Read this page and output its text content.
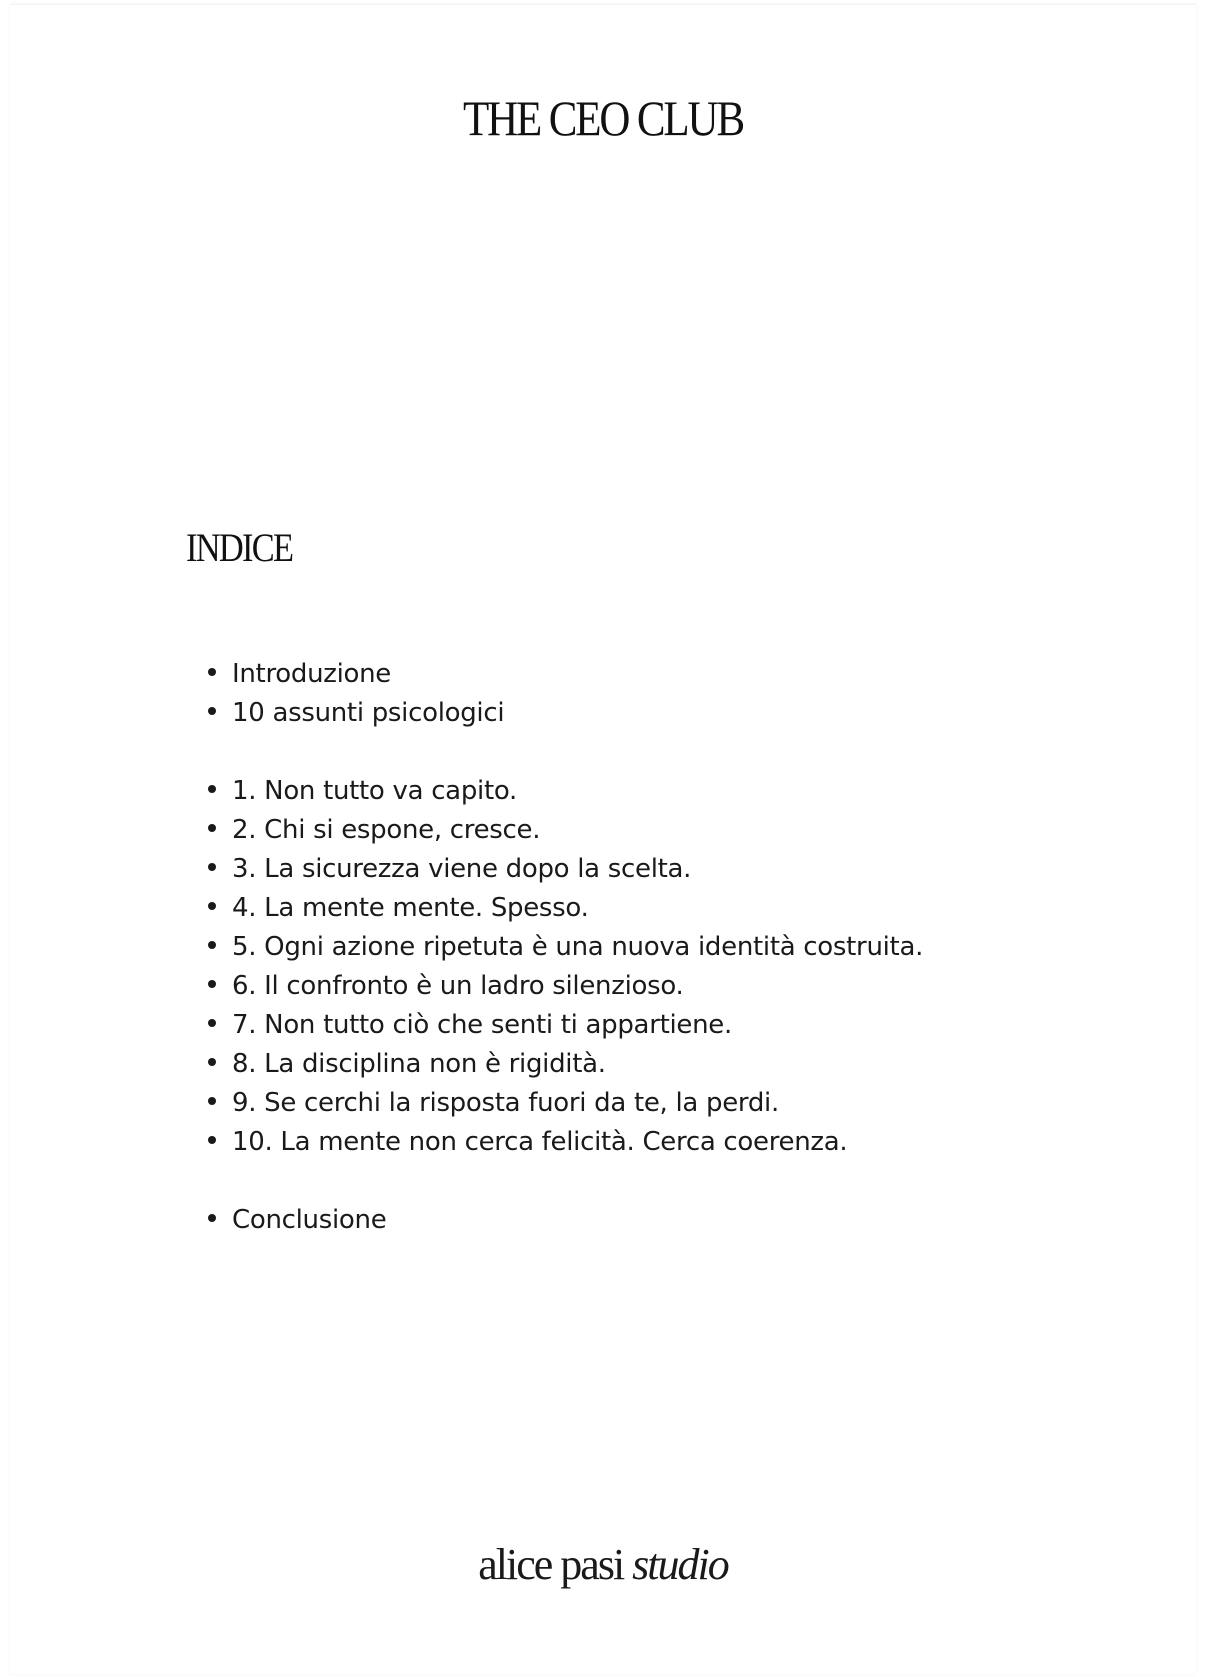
THE CEO CLUB
INDICE
Introduzione
10 assunti psicologici
1. Non tutto va capito.
2. Chi si espone, cresce.
3. La sicurezza viene dopo la scelta.
4. La mente mente. Spesso.
5. Ogni azione ripetuta è una nuova identità costruita.
6. Il confronto è un ladro silenzioso.
7. Non tutto ciò che senti ti appartiene.
8. La disciplina non è rigidità.
9. Se cerchi la risposta fuori da te, la perdi.
10. La mente non cerca felicità. Cerca coerenza.
Conclusione
alice pasi studio
